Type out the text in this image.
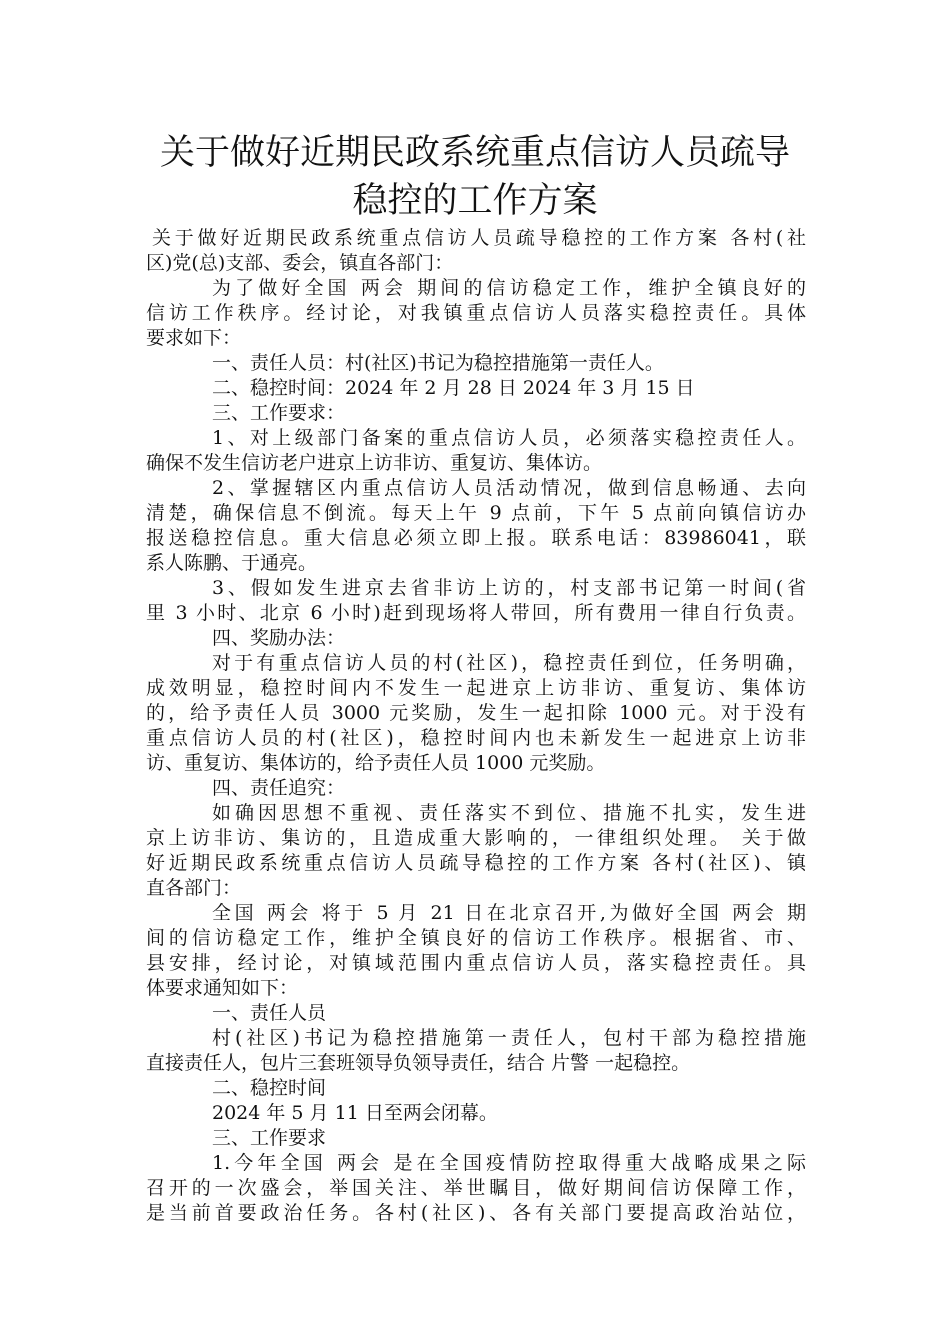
关于做好近期民政系统重点信访人员疏导
稳控的工作方案
关于做好近期民政系统重点信访人员疏导稳控的工作方案 各村(社
区)党(总)支部、委会，镇直各部门：
为了做好全国 两会 期间的信访稳定工作，维护全镇良好的
信访工作秩序。经讨论，对我镇重点信访人员落实稳控责任。具体
要求如下：
一、责任人员：村(社区)书记为稳控措施第一责任人。
二、稳控时间：2024 年 2 月 28 日 2024 年 3 月 15 日
三、工作要求：
1、对上级部门备案的重点信访人员，必须落实稳控责任人。
确保不发生信访老户进京上访非访、重复访、集体访。
2、掌握辖区内重点信访人员活动情况，做到信息畅通、去向
清楚，确保信息不倒流。每天上午 9 点前，下午 5 点前向镇信访办
报送稳控信息。重大信息必须立即上报。联系电话：83986041，联
系人陈鹏、于通亮。
3、假如发生进京去省非访上访的，村支部书记第一时间(省
里 3 小时、北京 6 小时)赶到现场将人带回，所有费用一律自行负责。
四、奖励办法：
对于有重点信访人员的村(社区)，稳控责任到位，任务明确，
成效明显，稳控时间内不发生一起进京上访非访、重复访、集体访
的，给予责任人员 3000 元奖励，发生一起扣除 1000 元。对于没有
重点信访人员的村(社区)，稳控时间内也未新发生一起进京上访非
访、重复访、集体访的，给予责任人员 1000 元奖励。
四、责任追究：
如确因思想不重视、责任落实不到位、措施不扎实，发生进
京上访非访、集访的，且造成重大影响的，一律组织处理。 关于做
好近期民政系统重点信访人员疏导稳控的工作方案 各村(社区)、镇
直各部门：
全国 两会 将于 5 月 21 日在北京召开,为做好全国 两会 期
间的信访稳定工作，维护全镇良好的信访工作秩序。根据省、市、
县安排，经讨论，对镇域范围内重点信访人员，落实稳控责任。具
体要求通知如下：
一、责任人员
村(社区)书记为稳控措施第一责任人，包村干部为稳控措施
直接责任人，包片三套班领导负领导责任，结合 片警 一起稳控。
二、稳控时间
2024 年 5 月 11 日至两会闭幕。
三、工作要求
1.今年全国 两会 是在全国疫情防控取得重大战略成果之际
召开的一次盛会，举国关注、举世瞩目，做好期间信访保障工作，
是当前首要政治任务。各村(社区)、各有关部门要提高政治站位，
